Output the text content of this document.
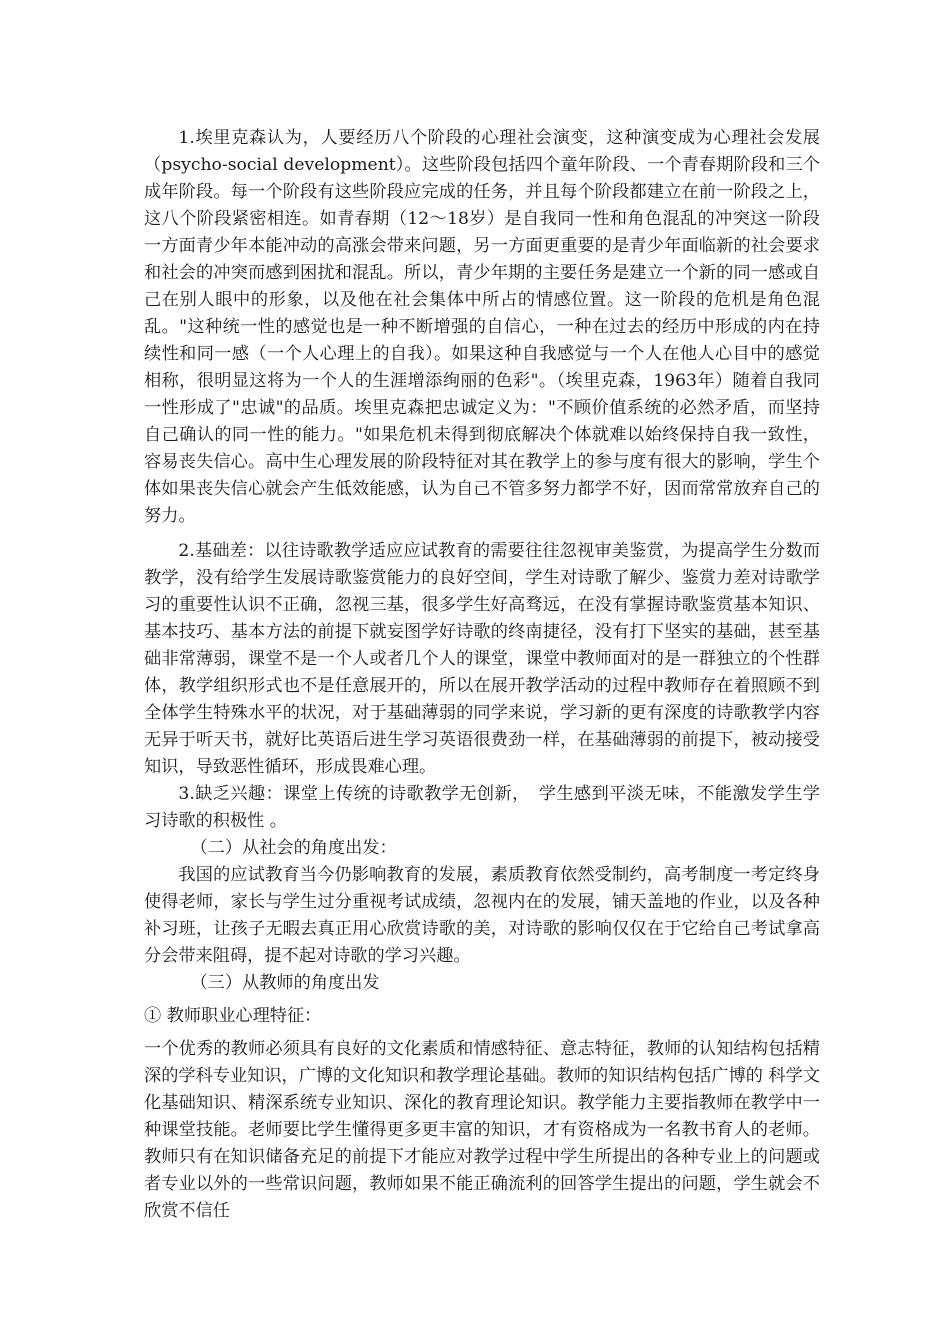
1.埃里克森认为，人要经历八个阶段的心理社会演变，这种演变成为心理社会发展（psycho-social development）。这些阶段包括四个童年阶段、一个青春期阶段和三个成年阶段。每一个阶段有这些阶段应完成的任务，并且每个阶段都建立在前一阶段之上，这八个阶段紧密相连。如青春期（12～18岁）是自我同一性和角色混乱的冲突这一阶段一方面青少年本能冲动的高涨会带来问题，另一方面更重要的是青少年面临新的社会要求和社会的冲突而感到困扰和混乱。所以，青少年期的主要任务是建立一个新的同一感或自己在别人眼中的形象，以及他在社会集体中所占的情感位置。这一阶段的危机是角色混乱。"这种统一性的感觉也是一种不断增强的自信心，一种在过去的经历中形成的内在持续性和同一感（一个人心理上的自我）。如果这种自我感觉与一个人在他人心目中的感觉相称，很明显这将为一个人的生涯增添绚丽的色彩"。（埃里克森，1963年）随着自我同一性形成了"忠诚"的品质。埃里克森把忠诚定义为："不顾价值系统的必然矛盾，而坚持自己确认的同一性的能力。"如果危机未得到彻底解决个体就难以始终保持自我一致性，容易丧失信心。高中生心理发展的阶段特征对其在教学上的参与度有很大的影响，学生个体如果丧失信心就会产生低效能感，认为自己不管多努力都学不好，因而常常放弃自己的努力。

2.基础差：以往诗歌教学适应应试教育的需要往往忽视审美鉴赏，为提高学生分数而教学，没有给学生发展诗歌鉴赏能力的良好空间，学生对诗歌了解少、鉴赏力差对诗歌学习的重要性认识不正确，忽视三基，很多学生好高骛远，在没有掌握诗歌鉴赏基本知识、基本技巧、基本方法的前提下就妄图学好诗歌的终南捷径，没有打下坚实的基础，甚至基础非常薄弱，课堂不是一个人或者几个人的课堂，课堂中教师面对的是一群独立的个性群体，教学组织形式也不是任意展开的，所以在展开教学活动的过程中教师存在着照顾不到全体学生特殊水平的状况，对于基础薄弱的同学来说，学习新的更有深度的诗歌教学内容无异于听天书，就好比英语后进生学习英语很费劲一样，在基础薄弱的前提下，被动接受知识，导致恶性循环，形成畏难心理。

3.缺乏兴趣：课堂上传统的诗歌教学无创新，　学生感到平淡无味，不能激发学生学习诗歌的积极性 。

（二）从社会的角度出发：

我国的应试教育当今仍影响教育的发展，素质教育依然受制约，高考制度一考定终身使得老师，家长与学生过分重视考试成绩，忽视内在的发展，铺天盖地的作业，以及各种补习班，让孩子无暇去真正用心欣赏诗歌的美，对诗歌的影响仅仅在于它给自己考试拿高分会带来阻碍，提不起对诗歌的学习兴趣。

（三）从教师的角度出发

① 教师职业心理特征：

一个优秀的教师必须具有良好的文化素质和情感特征、意志特征，教师的认知结构包括精深的学科专业知识，广博的文化知识和教学理论基础。教师的知识结构包括广博的 科学文化基础知识、精深系统专业知识、深化的教育理论知识。教学能力主要指教师在教学中一种课堂技能。老师要比学生懂得更多更丰富的知识，才有资格成为一名教书育人的老师。教师只有在知识储备充足的前提下才能应对教学过程中学生所提出的各种专业上的问题或者专业以外的一些常识问题，教师如果不能正确流利的回答学生提出的问题，学生就会不欣赏不信任
